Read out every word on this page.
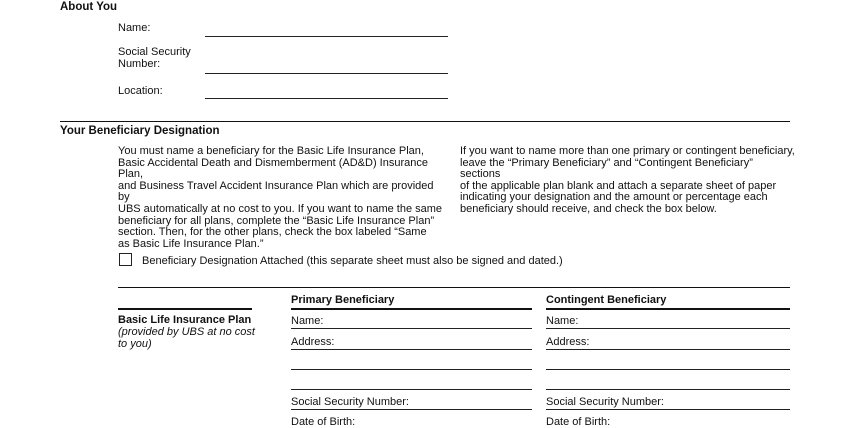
About You
Name:
Social Security
Number:
Location:
Your Beneficiary Designation
You must name a beneficiary for the Basic Life Insurance Plan,
Basic Accidental Death and Dismemberment (AD&D) Insurance Plan,
and Business Travel Accident Insurance Plan which are provided by
UBS automatically at no cost to you. If you want to name the same
beneficiary for all plans, complete the “Basic Life Insurance Plan”
section. Then, for the other plans, check the box labeled “Same
as Basic Life Insurance Plan.”
If you want to name more than one primary or contingent beneficiary,
leave the “Primary Beneficiary” and “Contingent Beneficiary” sections
of the applicable plan blank and attach a separate sheet of paper
indicating your designation and the amount or percentage each
beneficiary should receive, and check the box below.
Beneficiary Designation Attached (this separate sheet must also be signed and dated.)
Primary Beneficiary	Contingent Beneficiary
Basic Life Insurance Plan
(provided by UBS at no cost
to you)
Name:
Address:
Social Security Number:
Date of Birth:
Name:
Address:
Social Security Number:
Date of Birth:
